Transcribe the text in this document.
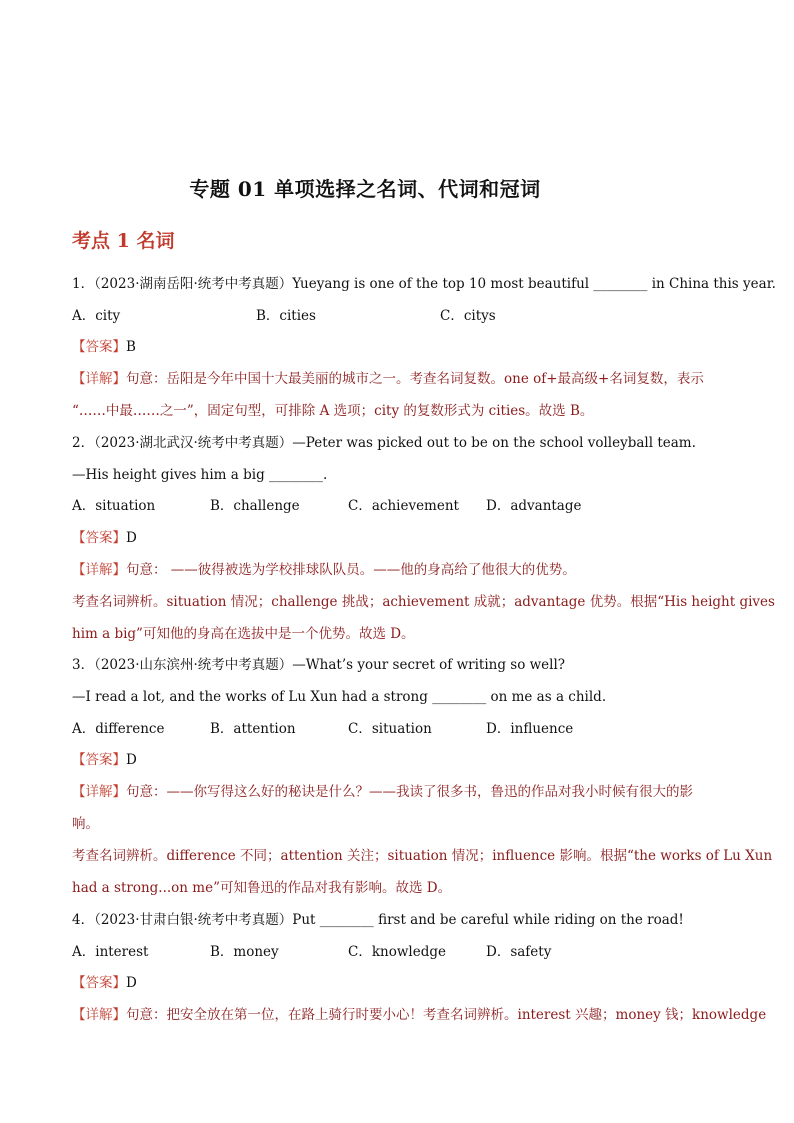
专题 01 单项选择之名词、代词和冠词
考点 1 名词
1．（2023·湖南岳阳·统考中考真题）Yueyang is one of the top 10 most beautiful ________ in China this year.
A．city	B．cities	C．citys
【答案】B
【详解】句意：岳阳是今年中国十大最美丽的城市之一。考查名词复数。one of+最高级+名词复数，表示
“……中最……之一”，固定句型，可排除 A 选项；city 的复数形式为 cities。故选 B。
2．（2023·湖北武汉·统考中考真题）—Peter was picked out to be on the school volleyball team.
—His height gives him a big ________.
A．situation	B．challenge	C．achievement D．advantage
【答案】D
【详解】句意： ——彼得被选为学校排球队队员。——他的身高给了他很大的优势。
考查名词辨析。situation 情况；challenge 挑战；achievement 成就；advantage 优势。根据“His height gives
him a big”可知他的身高在选拔中是一个优势。故选 D。
3．（2023·山东滨州·统考中考真题）—What’s your secret of writing so well?
—I read a lot, and the works of Lu Xun had a strong ________ on me as a child.
A．difference	B．attention	C．situation	D．influence
【答案】D
【详解】句意：——你写得这么好的秘诀是什么？——我读了很多书，鲁迅的作品对我小时候有很大的影
响。
考查名词辨析。difference 不同；attention 关注；situation 情况；influence 影响。根据“the works of Lu Xun
had a strong...on me”可知鲁迅的作品对我有影响。故选 D。
4．（2023·甘肃白银·统考中考真题）Put ________ first and be careful while riding on the road!
A．interest	B．money	C．knowledge	D．safety
【答案】D
【详解】句意：把安全放在第一位，在路上骑行时要小心！考查名词辨析。interest 兴趣；money 钱；knowledge
